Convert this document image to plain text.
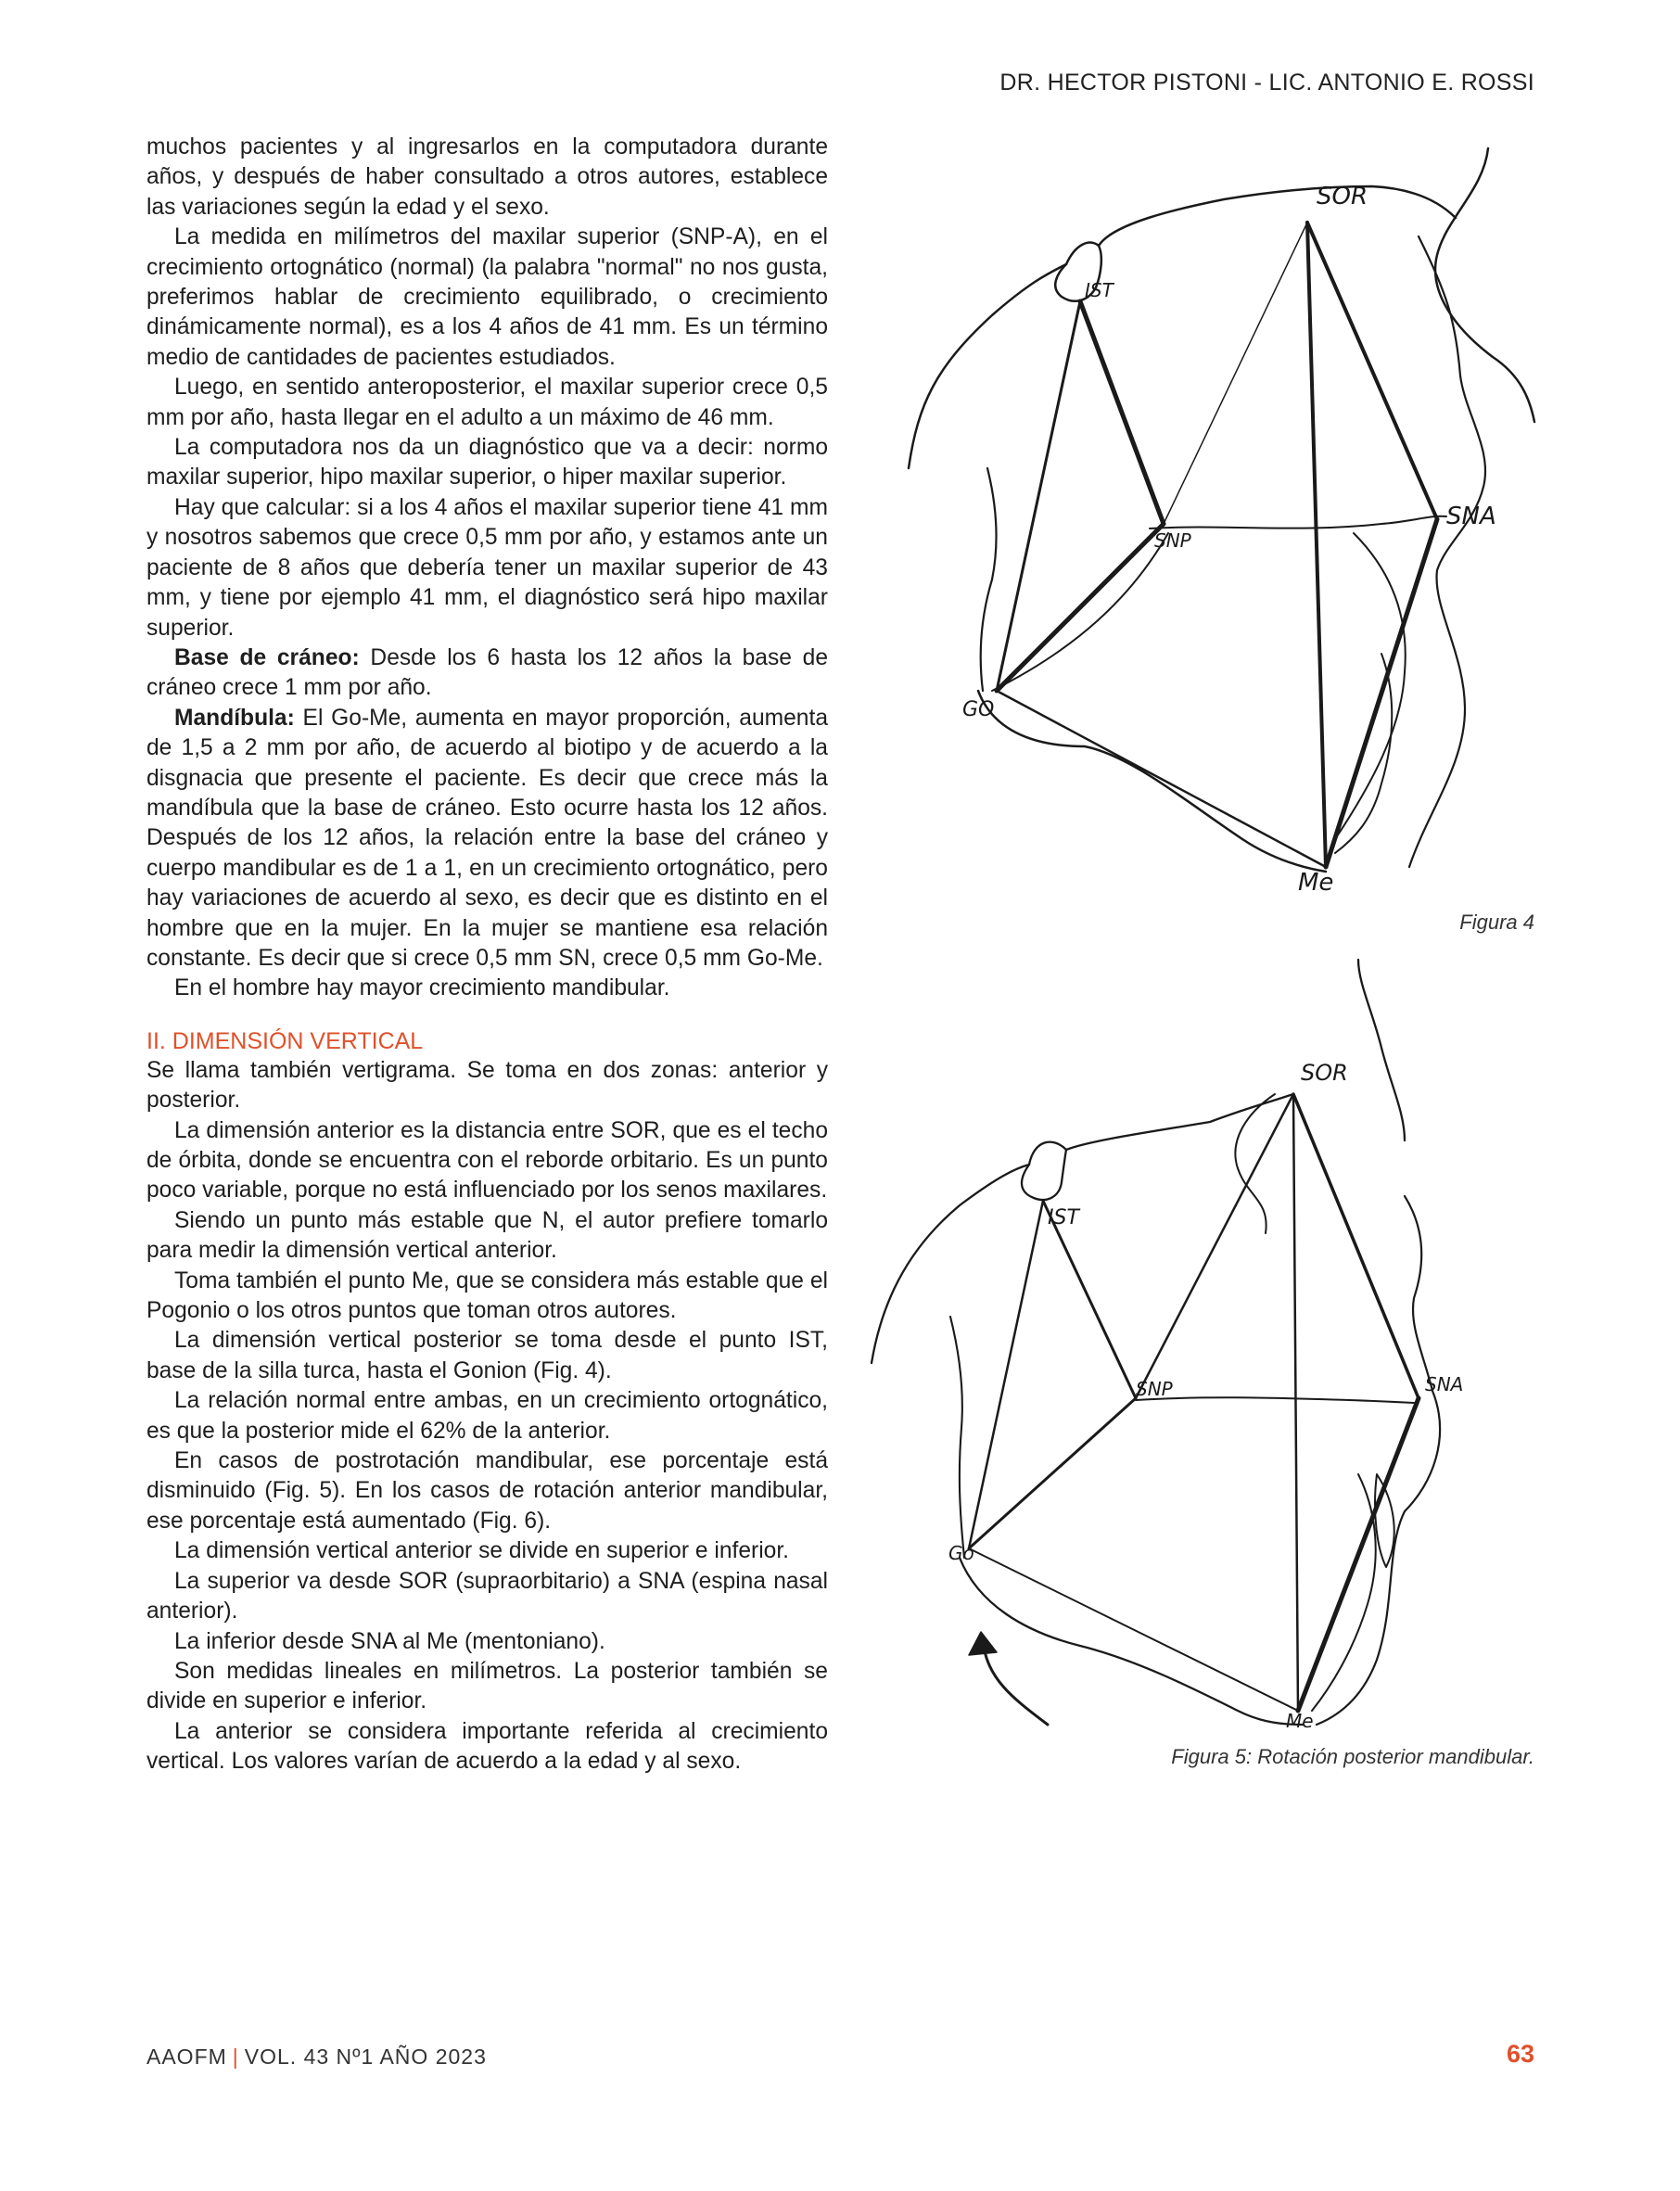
DR. HECTOR PISTONI - LIC. ANTONIO E. ROSSI

muchos pacientes y al ingresarlos en la computadora durante años, y después de haber consultado a otros autores, establece las variaciones según la edad y el sexo.

La medida en milímetros del maxilar superior (SNP-A), en el crecimiento ortognático (normal) (la palabra "normal" no nos gusta, preferimos hablar de crecimiento equilibrado, o crecimiento dinámicamente normal), es a los 4 años de 41 mm. Es un término medio de cantidades de pacientes estudiados.

Luego, en sentido anteroposterior, el maxilar superior crece 0,5 mm por año, hasta llegar en el adulto a un máximo de 46 mm.

La computadora nos da un diagnóstico que va a decir: normo maxilar superior, hipo maxilar superior, o hiper maxilar superior.

Hay que calcular: si a los 4 años el maxilar superior tiene 41 mm y nosotros sabemos que crece 0,5 mm por año, y estamos ante un paciente de 8 años que debería tener un maxilar superior de 43 mm, y tiene por ejemplo 41 mm, el diagnóstico será hipo maxilar superior.

Base de cráneo: Desde los 6 hasta los 12 años la base de cráneo crece 1 mm por año.

Mandíbula: El Go-Me, aumenta en mayor proporción, aumenta de 1,5 a 2 mm por año, de acuerdo al biotipo y de acuerdo a la disgnacia que presente el paciente. Es decir que crece más la mandíbula que la base de cráneo. Esto ocurre hasta los 12 años. Después de los 12 años, la relación entre la base del cráneo y cuerpo mandibular es de 1 a 1, en un crecimiento ortognático, pero hay variaciones de acuerdo al sexo, es decir que es distinto en el hombre que en la mujer. En la mujer se mantiene esa relación constante. Es decir que si crece 0,5 mm SN, crece 0,5 mm Go-Me.

En el hombre hay mayor crecimiento mandibular.

II. DIMENSIÓN VERTICAL

Se llama también vertigrama. Se toma en dos zonas: anterior y posterior.

La dimensión anterior es la distancia entre SOR, que es el techo de órbita, donde se encuentra con el reborde orbitario. Es un punto poco variable, porque no está influenciado por los senos maxilares.

Siendo un punto más estable que N, el autor prefiere tomarlo para medir la dimensión vertical anterior.

Toma también el punto Me, que se considera más estable que el Pogonio o los otros puntos que toman otros autores.

La dimensión vertical posterior se toma desde el punto IST, base de la silla turca, hasta el Gonion (Fig. 4).

La relación normal entre ambas, en un crecimiento ortognático, es que la posterior mide el 62% de la anterior.

En casos de postrotación mandibular, ese porcentaje está disminuido (Fig. 5). En los casos de rotación anterior mandibular, ese porcentaje está aumentado (Fig. 6).

La dimensión vertical anterior se divide en superior e inferior.

La superior va desde SOR (supraorbitario) a SNA (espina nasal anterior).

La inferior desde SNA al Me (mentoniano).

Son medidas lineales en milímetros. La posterior también se divide en superior e inferior.

La anterior se considera importante referida al crecimiento vertical. Los valores varían de acuerdo a la edad y al sexo.

SOR
IST
SNA
SNP
GO
Me
Figura 4
SOR
IST
SNA
SNP
Go
Me
Figura 5: Rotación posterior mandibular.
AAOFM | VOL. 43 Nº1 AÑO 2023	63
